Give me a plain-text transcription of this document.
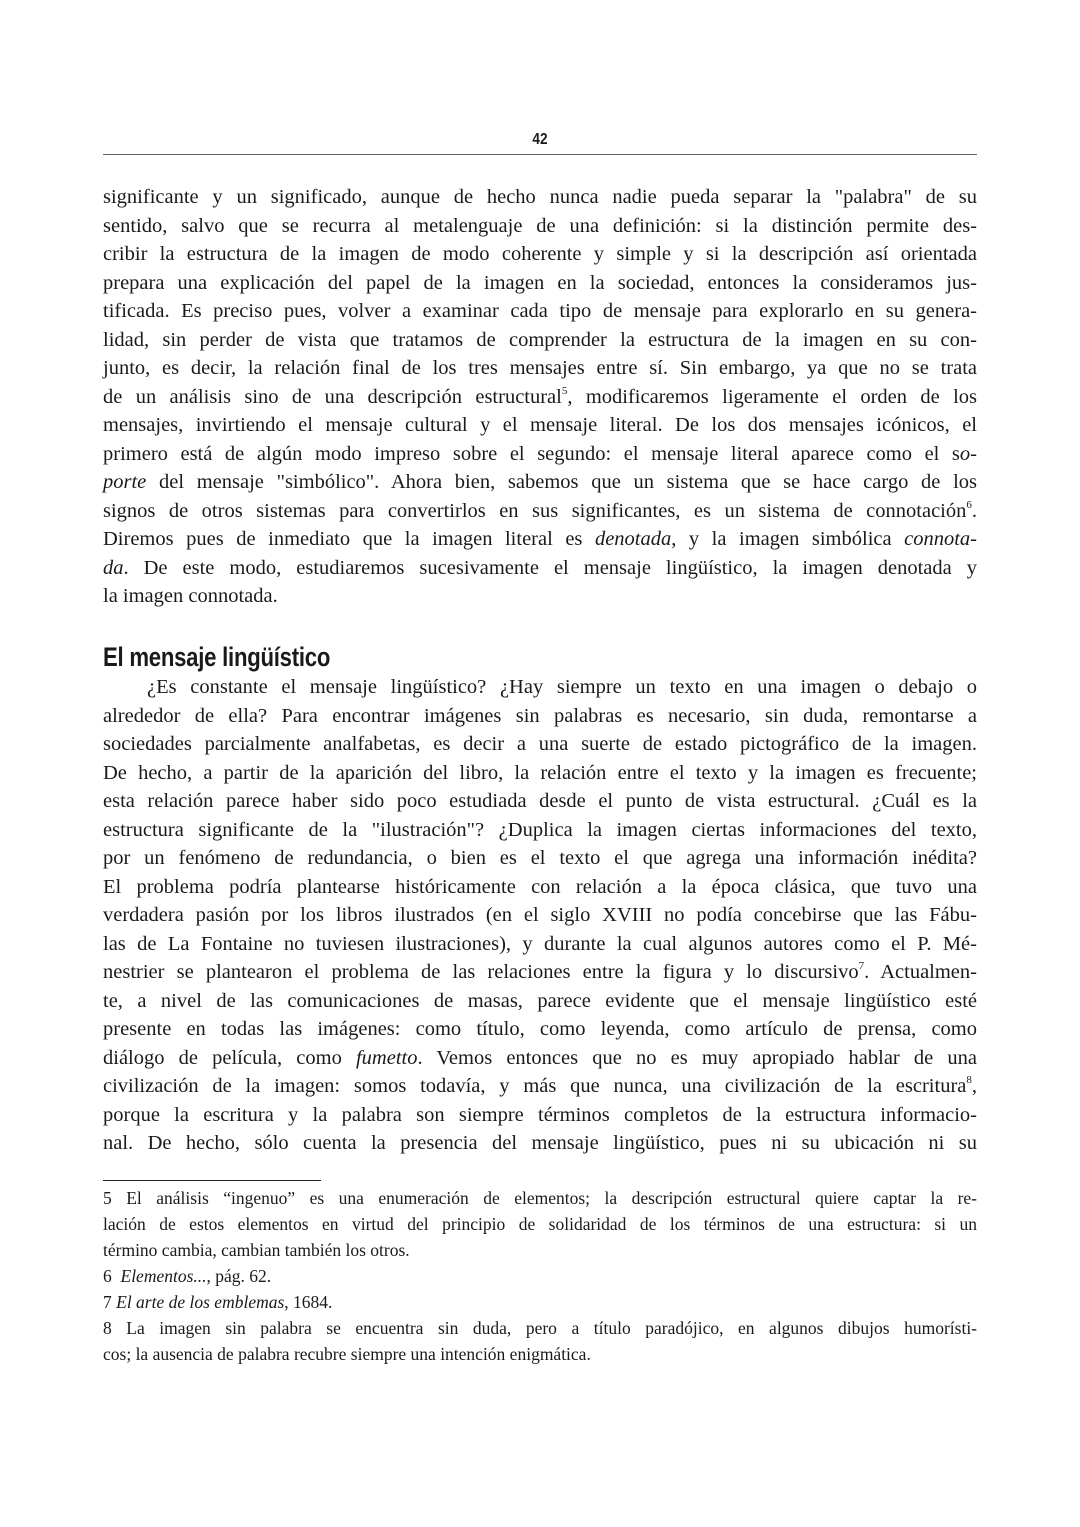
42
significante y un significado, aunque de hecho nunca nadie pueda separar la "palabra" de su
sentido, salvo que se recurra al metalenguaje de una definición: si la distinción permite des-
cribir la estructura de la imagen de modo coherente y simple y si la descripción así orientada
prepara una explicación del papel de la imagen en la sociedad, entonces la consideramos jus-
tificada. Es preciso pues, volver a examinar cada tipo de mensaje para explorarlo en su genera-
lidad, sin perder de vista que tratamos de comprender la estructura de la imagen en su con-
junto, es decir, la relación final de los tres mensajes entre sí. Sin embargo, ya que no se trata
de un análisis sino de una descripción estructural$^5$, modificaremos ligeramente el orden de los
mensajes, invirtiendo el mensaje cultural y el mensaje literal. De los dos mensajes icónicos, el
primero está de algún modo impreso sobre el segundo: el mensaje literal aparece como el so-
porte del mensaje "simbólico". Ahora bien, sabemos que un sistema que se hace cargo de los
signos de otros sistemas para convertirlos en sus significantes, es un sistema de connotación$^6$.
Diremos pues de inmediato que la imagen literal es denotada, y la imagen simbólica connota-
da. De este modo, estudiaremos sucesivamente el mensaje lingüístico, la imagen denotada y
la imagen connotada.
El mensaje lingüístico
¿Es constante el mensaje lingüístico? ¿Hay siempre un texto en una imagen o debajo o
alrededor de ella? Para encontrar imágenes sin palabras es necesario, sin duda, remontarse a
sociedades parcialmente analfabetas, es decir a una suerte de estado pictográfico de la imagen.
De hecho, a partir de la aparición del libro, la relación entre el texto y la imagen es frecuente;
esta relación parece haber sido poco estudiada desde el punto de vista estructural. ¿Cuál es la
estructura significante de la "ilustración"? ¿Duplica la imagen ciertas informaciones del texto,
por un fenómeno de redundancia, o bien es el texto el que agrega una información inédita?
El problema podría plantearse históricamente con relación a la época clásica, que tuvo una
verdadera pasión por los libros ilustrados (en el siglo XVIII no podía concebirse que las Fábu-
las de La Fontaine no tuviesen ilustraciones), y durante la cual algunos autores como el P. Mé-
nestrier se plantearon el problema de las relaciones entre la figura y lo discursivo$^7$. Actualmen-
te, a nivel de las comunicaciones de masas, parece evidente que el mensaje lingüístico esté
presente en todas las imágenes: como título, como leyenda, como artículo de prensa, como
diálogo de película, como fumetto. Vemos entonces que no es muy apropiado hablar de una
civilización de la imagen: somos todavía, y más que nunca, una civilización de la escritura$^8$,
porque la escritura y la palabra son siempre términos completos de la estructura informacio-
nal. De hecho, sólo cuenta la presencia del mensaje lingüístico, pues ni su ubicación ni su
5 El análisis “ingenuo” es una enumeración de elementos; la descripción estructural quiere captar la re-
lación de estos elementos en virtud del principio de solidaridad de los términos de una estructura: si un
término cambia, cambian también los otros.
6 Elementos..., pág. 62.
7 El arte de los emblemas, 1684.
8 La imagen sin palabra se encuentra sin duda, pero a título paradójico, en algunos dibujos humorísti-
cos; la ausencia de palabra recubre siempre una intención enigmática.
